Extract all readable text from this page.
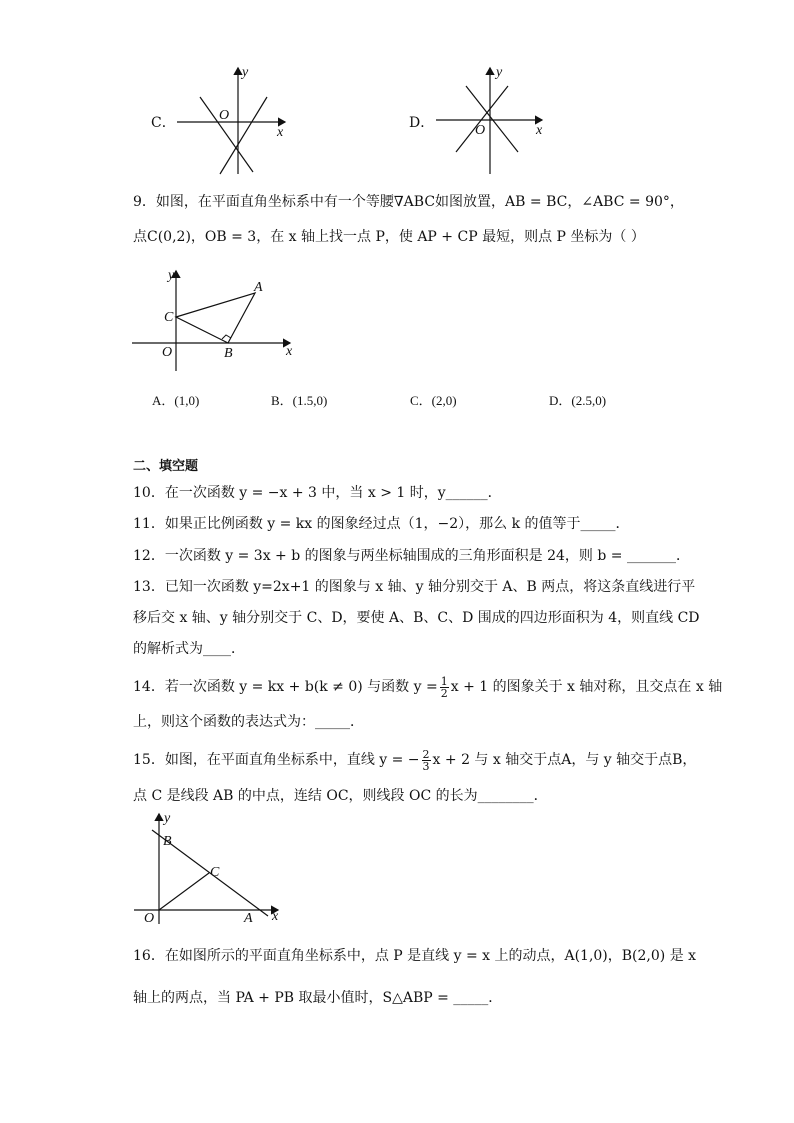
C．
y
x
O	D．
y
x
O
9．如图，在平面直角坐标系中有一个等腰∇ABC如图放置，AB = BC，∠ABC = 90°，
点C(0,2)，OB = 3，在 x 轴上找一点 P，使 AP + CP 最短，则点 P 坐标为（ ）
y
x
O
C
B
A
A．(1,0)	B．(1.5,0)	C．(2,0)	D．(2.5,0)
二、填空题
10．在一次函数 y = −x + 3 中，当 x > 1 时，y______．
11．如果正比例函数 y = kx 的图象经过点（1，−2），那么 k 的值等于_____．
12．一次函数 y = 3x + b 的图象与两坐标轴围成的三角形面积是 24，则 b = _______．
13．已知一次函数 y=2x+1 的图象与 x 轴、y 轴分别交于 A、B 两点，将这条直线进行平
移后交 x 轴、y 轴分别交于 C、D，要使 A、B、C、D 围成的四边形面积为 4，则直线 CD
的解析式为____．
14．若一次函数 y = kx + b(k ≠ 0) 与函数 $y = \frac{1}{2}$ x + 1 的图象关于 x 轴对称，且交点在 x 轴
上，则这个函数的表达式为：_____．
15．如图，在平面直角坐标系中，直线 y = − $\frac{2}{3}$ x + 2 与 x 轴交于点A，与 y 轴交于点B，
点 C 是线段 AB 的中点，连结 OC，则线段 OC 的长为________．
y
x
O
B
C
A
16．在如图所示的平面直角坐标系中，点 P 是直线 y = x 上的动点，A(1,0)，B(2,0) 是 x
轴上的两点，当 PA + PB 取最小值时，S△ABP = _____．
